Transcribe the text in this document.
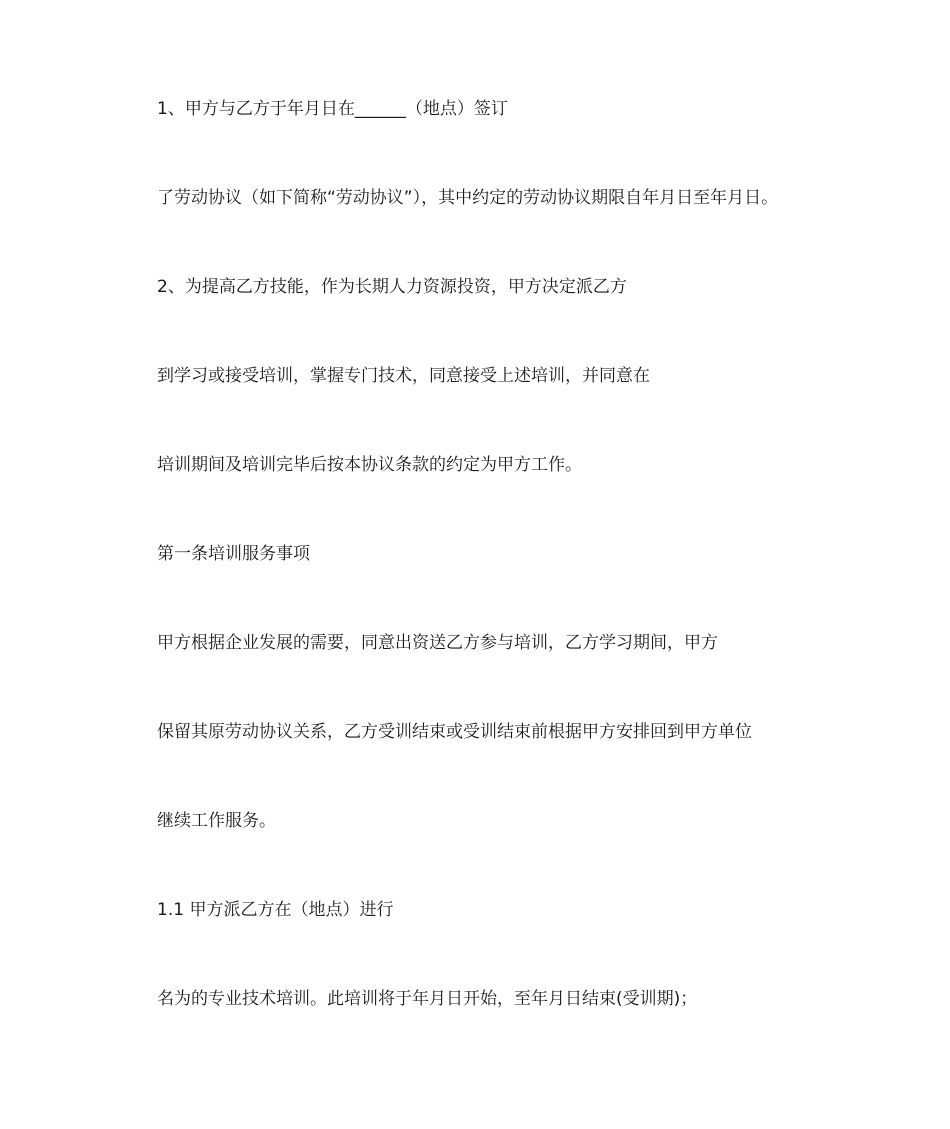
1、甲方与乙方于年月日在______（地点）签订
了劳动协议（如下简称“劳动协议”），其中约定的劳动协议期限自年月日至年月日。
2、为提高乙方技能，作为长期人力资源投资，甲方决定派乙方
到学习或接受培训，掌握专门技术，同意接受上述培训，并同意在
培训期间及培训完毕后按本协议条款的约定为甲方工作。
第一条培训服务事项
甲方根据企业发展的需要，同意出资送乙方参与培训，乙方学习期间，甲方
保留其原劳动协议关系，乙方受训结束或受训结束前根据甲方安排回到甲方单位
继续工作服务。
1.1 甲方派乙方在（地点）进行
名为的专业技术培训。此培训将于年月日开始，至年月日结束(受训期)；
